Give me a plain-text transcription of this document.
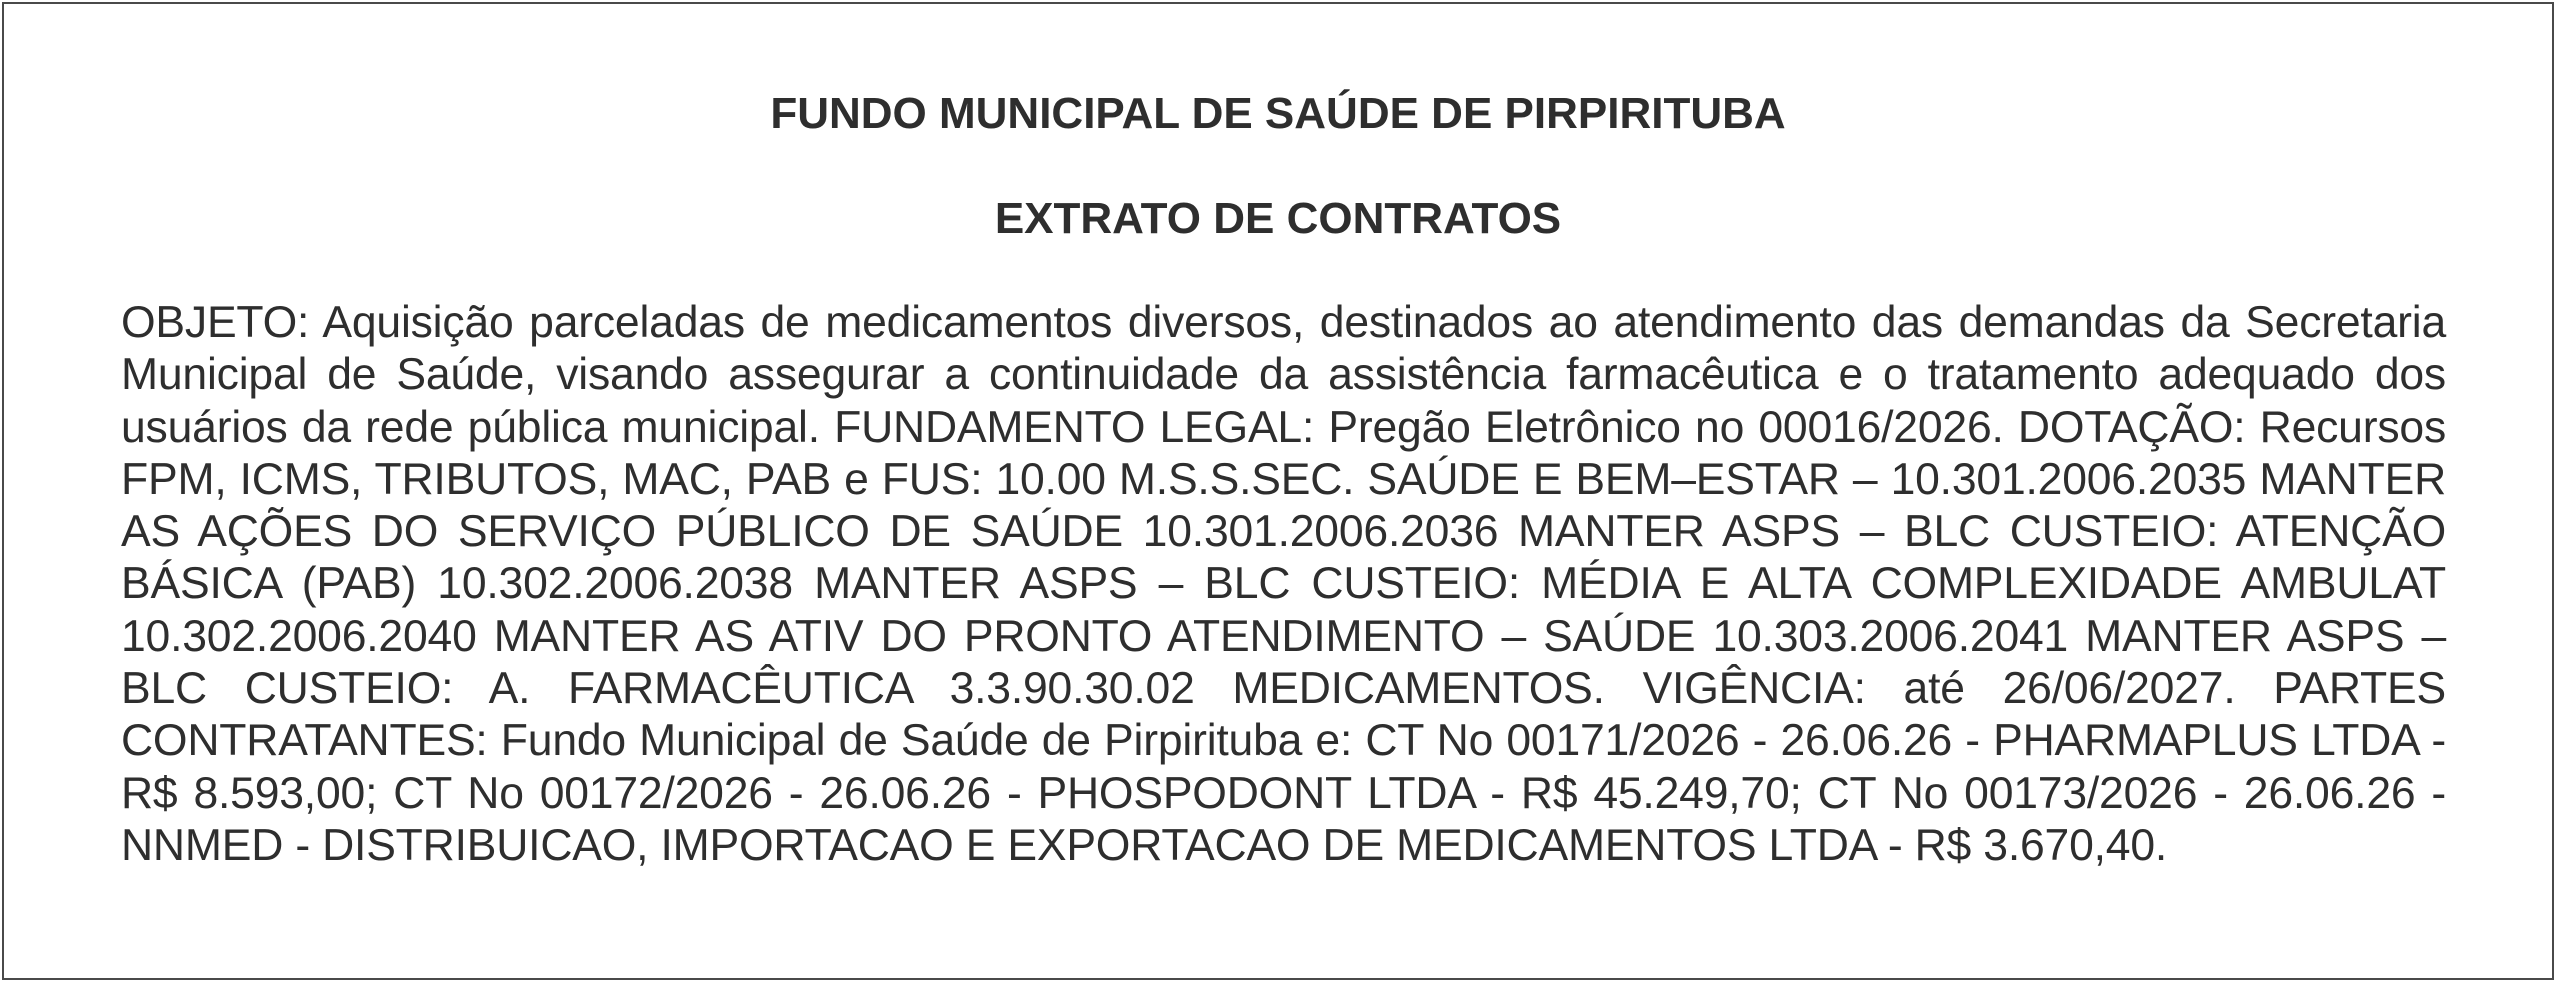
FUNDO MUNICIPAL DE SAÚDE DE PIRPIRITUBA
EXTRATO DE CONTRATOS

OBJETO: Aquisição parceladas de medicamentos diversos, destinados ao atendimento das demandas da Secretaria Municipal de Saúde, visando assegurar a continuidade da assistência farmacêutica e o tratamento adequado dos usuários da rede pública municipal. FUNDAMENTO LEGAL: Pregão Eletrônico no 00016/2026. DOTAÇÃO: Recursos FPM, ICMS, TRIBUTOS, MAC, PAB e FUS: 10.00 M.S.S.SEC. SAÚDE E BEM–ESTAR – 10.301.2006.2035 MANTER AS AÇÕES DO SERVIÇO PÚBLICO DE SAÚDE 10.301.2006.2036 MANTER ASPS – BLC CUSTEIO: ATENÇÃO BÁSICA (PAB) 10.302.2006.2038 MANTER ASPS – BLC CUSTEIO: MÉDIA E ALTA COMPLEXIDADE AMBULAT 10.302.2006.2040 MANTER AS ATIV DO PRONTO ATENDIMENTO – SAÚDE 10.303.2006.2041 MANTER ASPS – BLC CUSTEIO: A. FARMACÊUTICA 3.3.90.30.02 MEDICAMENTOS. VIGÊNCIA: até 26/06/2027. PARTES CONTRATANTES: Fundo Municipal de Saúde de Pirpirituba e: CT No 00171/2026 - 26.06.26 - PHARMAPLUS LTDA - R$ 8.593,00; CT No 00172/2026 - 26.06.26 - PHOSPODONT LTDA - R$ 45.249,70; CT No 00173/2026 - 26.06.26 - NNMED - DISTRIBUICAO, IMPORTACAO E EXPORTACAO DE MEDICAMENTOS LTDA - R$ 3.670,40.
